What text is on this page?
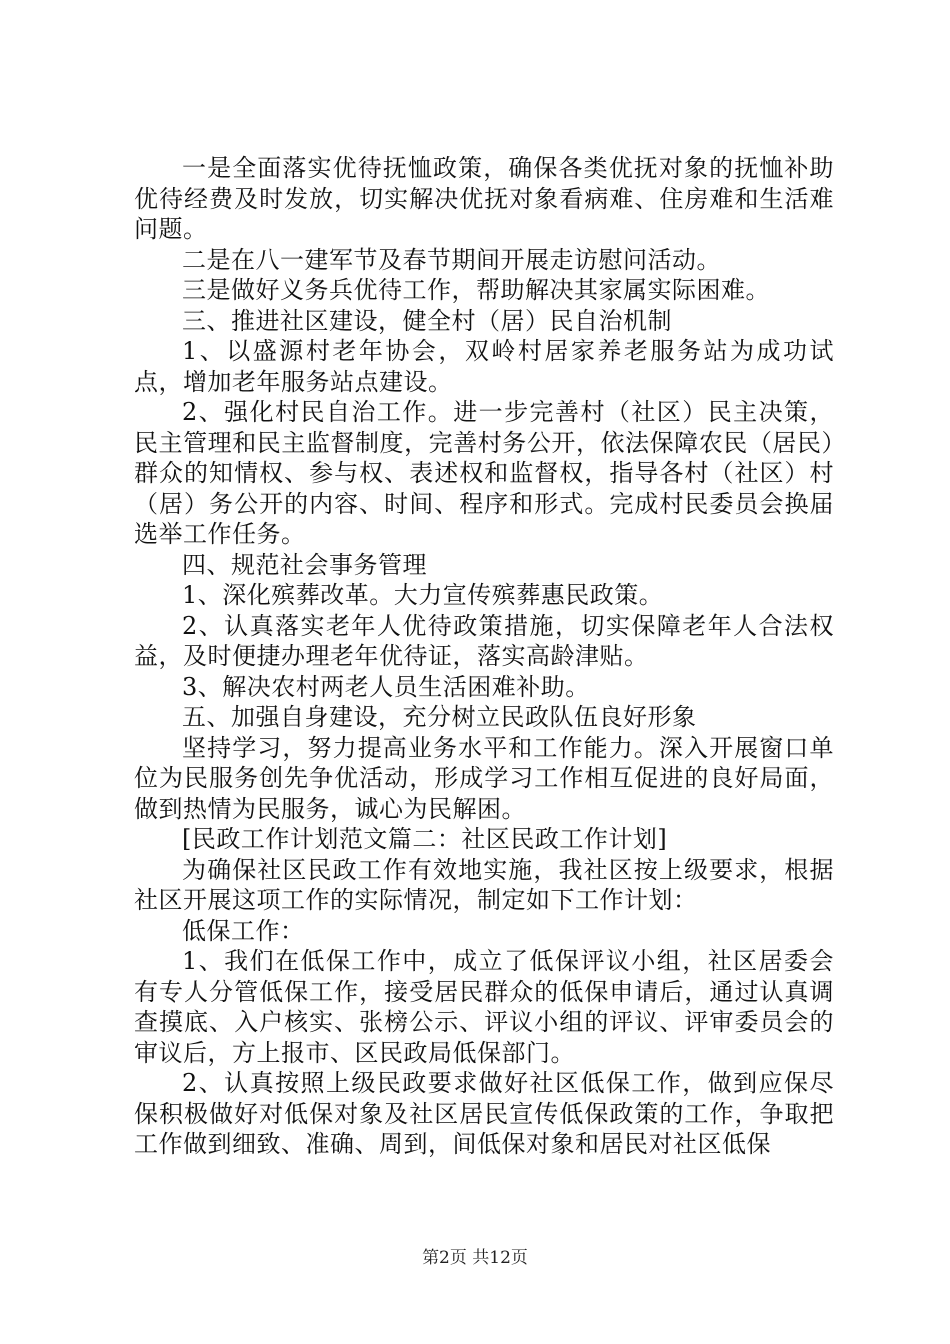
一是全面落实优待抚恤政策，确保各类优抚对象的抚恤补助优待经费及时发放，切实解决优抚对象看病难、住房难和生活难问题。

二是在八一建军节及春节期间开展走访慰问活动。

三是做好义务兵优待工作，帮助解决其家属实际困难。

三、推进社区建设，健全村（居）民自治机制

1、以盛源村老年协会，双岭村居家养老服务站为成功试点，增加老年服务站点建设。

2、强化村民自治工作。进一步完善村（社区）民主决策，民主管理和民主监督制度，完善村务公开，依法保障农民（居民）群众的知情权、参与权、表述权和监督权，指导各村（社区）村（居）务公开的内容、时间、程序和形式。完成村民委员会换届选举工作任务。

四、规范社会事务管理

1、深化殡葬改革。大力宣传殡葬惠民政策。

2、认真落实老年人优待政策措施，切实保障老年人合法权益，及时便捷办理老年优待证，落实高龄津贴。

3、解决农村两老人员生活困难补助。

五、加强自身建设，充分树立民政队伍良好形象

坚持学习，努力提高业务水平和工作能力。深入开展窗口单位为民服务创先争优活动，形成学习工作相互促进的良好局面，做到热情为民服务，诚心为民解困。

[民政工作计划范文篇二：社区民政工作计划]

为确保社区民政工作有效地实施，我社区按上级要求，根据社区开展这项工作的实际情况，制定如下工作计划：

低保工作：

1、我们在低保工作中，成立了低保评议小组，社区居委会有专人分管低保工作，接受居民群众的低保申请后，通过认真调查摸底、入户核实、张榜公示、评议小组的评议、评审委员会的审议后，方上报市、区民政局低保部门。

2、认真按照上级民政要求做好社区低保工作，做到应保尽保积极做好对低保对象及社区居民宣传低保政策的工作，争取把工作做到细致、准确、周到，间低保对象和居民对社区低保

第2页 共12页
